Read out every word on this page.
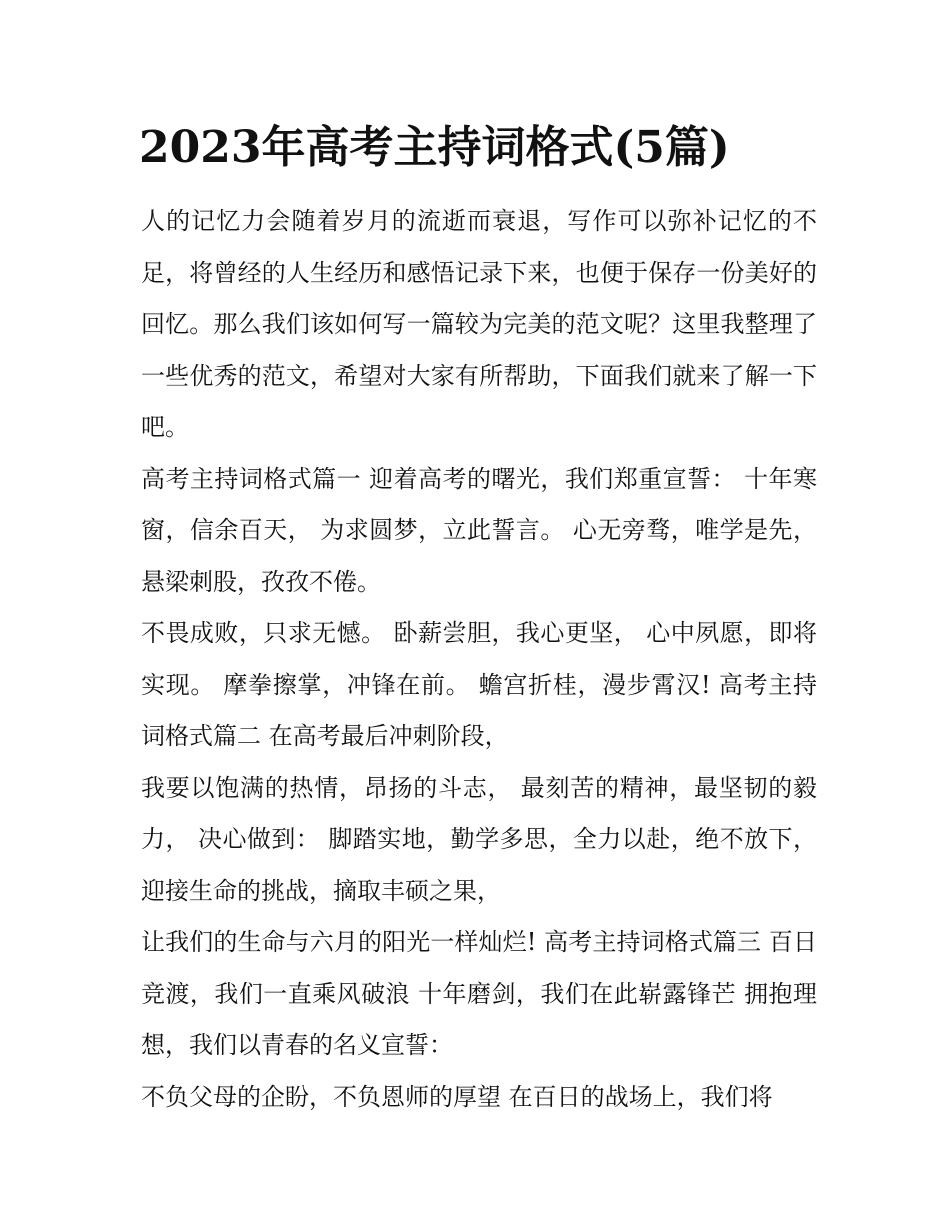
2023年高考主持词格式(5篇)

人的记忆力会随着岁月的流逝而衰退，写作可以弥补记忆的不足，将曾经的人生经历和感悟记录下来，也便于保存一份美好的回忆。那么我们该如何写一篇较为完美的范文呢？这里我整理了一些优秀的范文，希望对大家有所帮助，下面我们就来了解一下吧。

高考主持词格式篇一 迎着高考的曙光，我们郑重宣誓： 十年寒窗，信余百天， 为求圆梦，立此誓言。 心无旁骛，唯学是先， 悬梁刺股，孜孜不倦。

不畏成败，只求无憾。 卧薪尝胆，我心更坚， 心中夙愿，即将实现。 摩拳擦掌，冲锋在前。 蟾宫折桂，漫步霄汉! 高考主持词格式篇二 在高考最后冲刺阶段，

我要以饱满的热情，昂扬的斗志， 最刻苦的精神，最坚韧的毅力， 决心做到： 脚踏实地，勤学多思，全力以赴，绝不放下， 迎接生命的挑战，摘取丰硕之果，

让我们的生命与六月的阳光一样灿烂! 高考主持词格式篇三 百日竞渡，我们一直乘风破浪 十年磨剑，我们在此崭露锋芒 拥抱理想，我们以青春的名义宣誓：

不负父母的企盼，不负恩师的厚望 在百日的战场上，我们将
